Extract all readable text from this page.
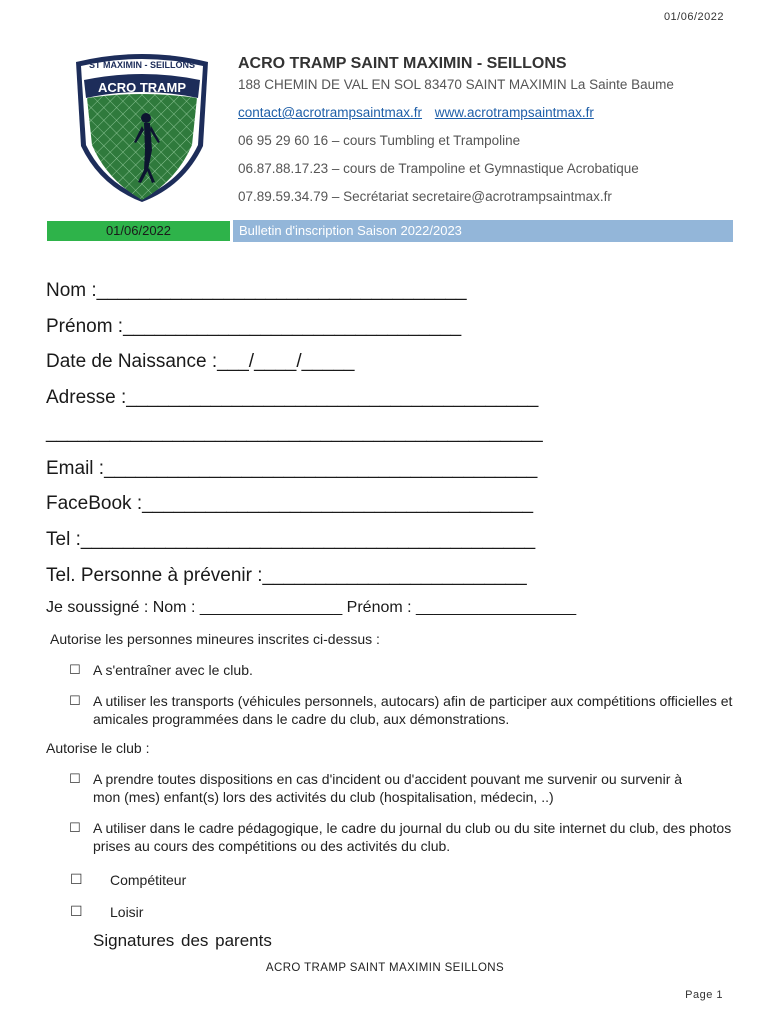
01/06/2022
ST MAXIMIN - SEILLONS
ACRO TRAMP
ACRO TRAMP SAINT MAXIMIN - SEILLONS
188 CHEMIN DE VAL EN SOL 83470 SAINT MAXIMIN La Sainte Baume
contact@acrotrampsaintmax.fr www.acrotrampsaintmax.fr
06 95 29 60 16 – cours Tumbling et Trampoline
06.87.88.17.23 – cours de Trampoline et Gymnastique Acrobatique
07.89.59.34.79 – Secrétariat secretaire@acrotrampsaintmax.fr
01/06/2022	Bulletin d'inscription Saison 2022/2023
Nom :___________________________________
Prénom :________________________________
Date de Naissance :___/____/_____
Adresse :_______________________________________
_______________________________________________
Email :_________________________________________
FaceBook :_____________________________________
Tel :___________________________________________
Tel. Personne à prévenir :_________________________
Je soussigné : Nom : ________________ Prénom : __________________
Autorise les personnes mineures inscrites ci-dessus :
☐ A s'entraîner avec le club.
☐ A utiliser les transports (véhicules personnels, autocars) afin de participer aux compétitions officielles et amicales programmées dans le cadre du club, aux démonstrations.
Autorise le club :
☐ A prendre toutes dispositions en cas d'incident ou d'accident pouvant me survenir ou survenir à mon (mes) enfant(s) lors des activités du club (hospitalisation, médecin, ..)
☐ A utiliser dans le cadre pédagogique, le cadre du journal du club ou du site internet du club, des photos prises au cours des compétitions ou des activités du club.
☐ Compétiteur
☐ Loisir
Signatures des parents
ACRO TRAMP SAINT MAXIMIN SEILLONS
Page 1
